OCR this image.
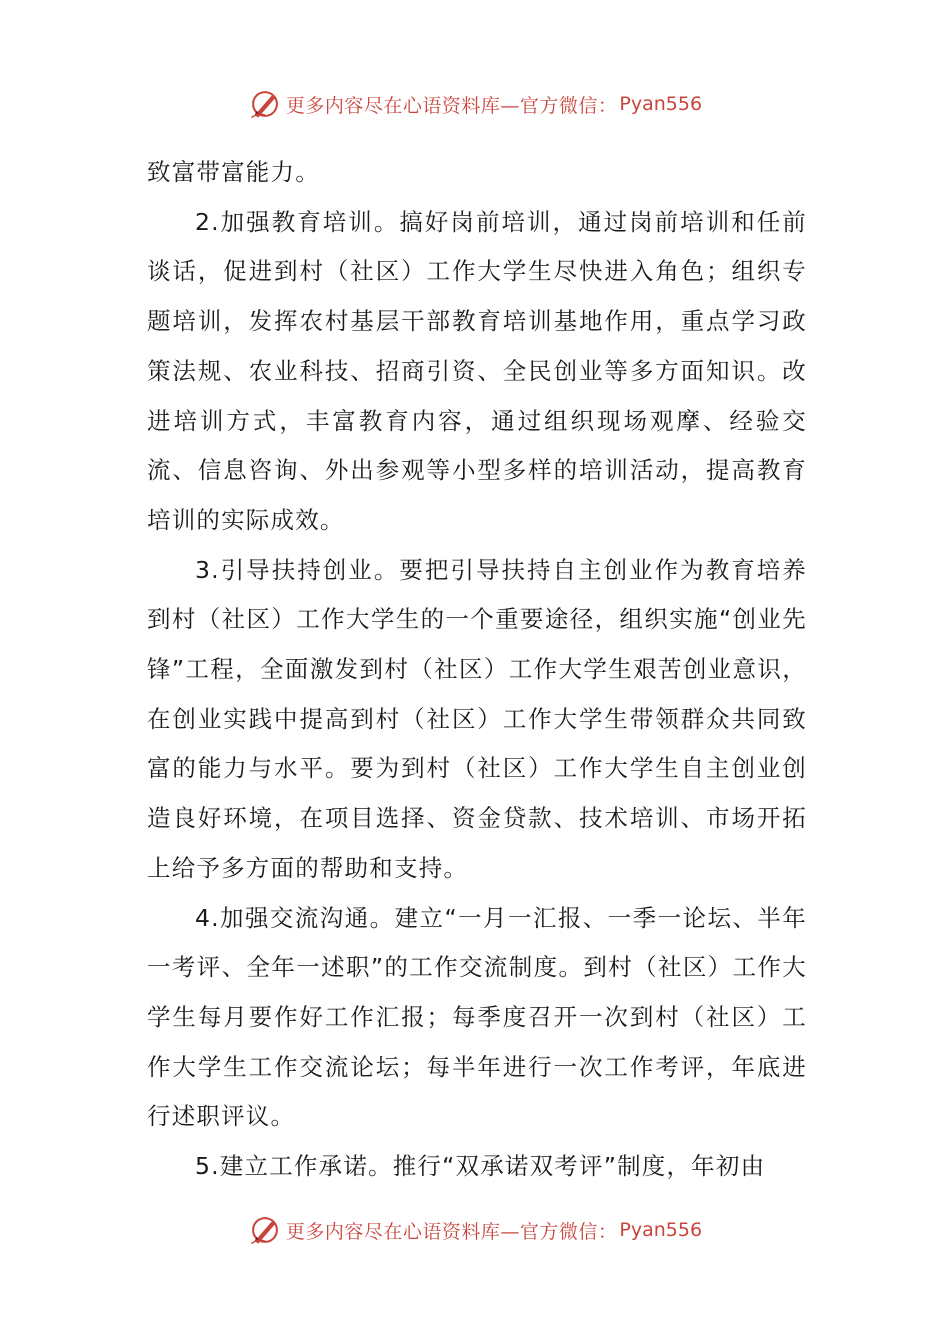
更多内容尽在心语资料库—官方微信： Pyan556

致富带富能力。

2.加强教育培训。搞好岗前培训，通过岗前培训和任前谈话，促进到村（社区）工作大学生尽快进入角色；组织专题培训，发挥农村基层干部教育培训基地作用，重点学习政策法规、农业科技、招商引资、全民创业等多方面知识。改进培训方式，丰富教育内容，通过组织现场观摩、经验交流、信息咨询、外出参观等小型多样的培训活动，提高教育培训的实际成效。

3.引导扶持创业。要把引导扶持自主创业作为教育培养到村（社区）工作大学生的一个重要途径，组织实施“创业先锋”工程，全面激发到村（社区）工作大学生艰苦创业意识，在创业实践中提高到村（社区）工作大学生带领群众共同致富的能力与水平。要为到村（社区）工作大学生自主创业创造良好环境，在项目选择、资金贷款、技术培训、市场开拓上给予多方面的帮助和支持。

4.加强交流沟通。建立“一月一汇报、一季一论坛、半年一考评、全年一述职”的工作交流制度。到村（社区）工作大学生每月要作好工作汇报；每季度召开一次到村（社区）工作大学生工作交流论坛；每半年进行一次工作考评，年底进行述职评议。

5.建立工作承诺。推行“双承诺双考评”制度，年初由

更多内容尽在心语资料库—官方微信： Pyan556
